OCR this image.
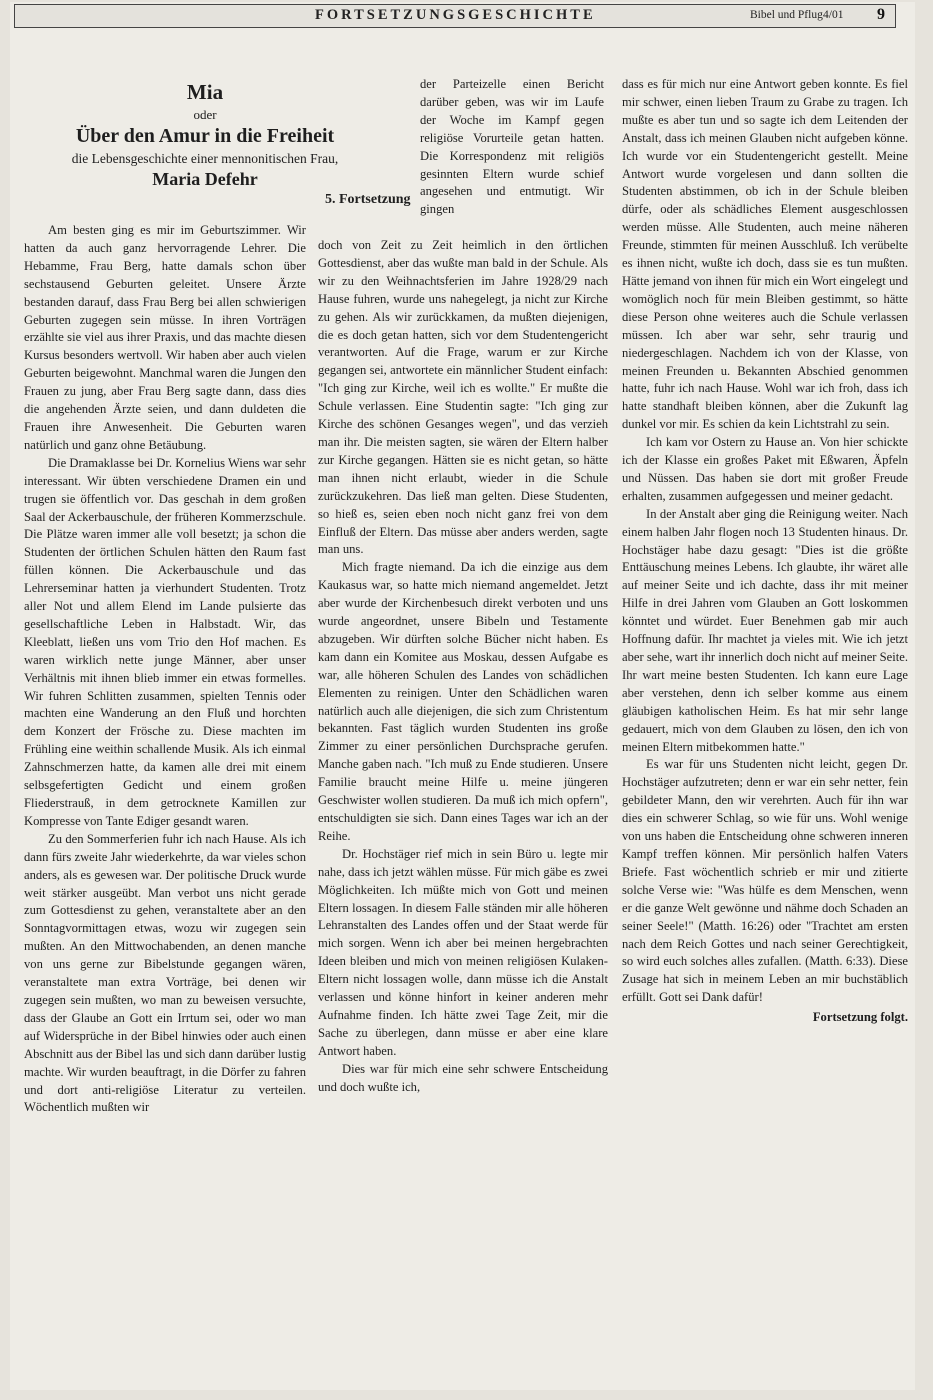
FORTSETZUNGSGESCHICHTE	Bibel und Pflug 4/01 9
Mia
oder
Über den Amur in die Freiheit
die Lebensgeschichte einer mennonitischen Frau,
Maria Defehr
5. Fortsetzung

Am besten ging es mir im Geburtszimmer. Wir hatten da auch ganz hervorragende Lehrer. Die Hebamme, Frau Berg, hatte damals schon über sechstausend Geburten geleitet. Unsere Ärzte bestanden darauf, dass Frau Berg bei allen schwierigen Geburten zugegen sein müsse. In ihren Vorträgen erzählte sie viel aus ihrer Praxis, und das machte diesen Kursus besonders wertvoll. Wir haben aber auch vielen Geburten beigewohnt. Manchmal waren die Jungen den Frauen zu jung, aber Frau Berg sagte dann, dass dies die angehenden Ärzte seien, und dann duldeten die Frauen ihre Anwesenheit. Die Geburten waren natürlich und ganz ohne Betäubung.

Die Dramaklasse bei Dr. Kornelius Wiens war sehr interessant. Wir übten verschiedene Dramen ein und trugen sie öffentlich vor. Das geschah in dem großen Saal der Ackerbauschule, der früheren Kommerzschule. Die Plätze waren immer alle voll besetzt; ja schon die Studenten der örtlichen Schulen hätten den Raum fast füllen können. Die Ackerbauschule und das Lehrerseminar hatten ja vierhundert Studenten. Trotz aller Not und allem Elend im Lande pulsierte das gesellschaftliche Leben in Halbstadt. Wir, das Kleeblatt, ließen uns vom Trio den Hof machen. Es waren wirklich nette junge Männer, aber unser Verhältnis mit ihnen blieb immer ein etwas formelles. Wir fuhren Schlitten zusammen, spielten Tennis oder machten eine Wanderung an den Fluß und horchten dem Konzert der Frösche zu. Diese machten im Frühling eine weithin schallende Musik. Als ich einmal Zahnschmerzen hatte, da kamen alle drei mit einem selbsgefertigten Gedicht und einem großen Fliederstrauß, in dem getrocknete Kamillen zur Kompresse von Tante Ediger gesandt waren.

Zu den Sommerferien fuhr ich nach Hause. Als ich dann fürs zweite Jahr wiederkehrte, da war vieles schon anders, als es gewesen war. Der politische Druck wurde weit stärker ausgeübt. Man verbot uns nicht gerade zum Gottesdienst zu gehen, veranstaltete aber an den Sonntagvormittagen etwas, wozu wir zugegen sein mußten. An den Mittwochabenden, an denen manche von uns gerne zur Bibelstunde gegangen wären, veranstaltete man extra Vorträge, bei denen wir zugegen sein mußten, wo man zu beweisen versuchte, dass der Glaube an Gott ein Irrtum sei, oder wo man auf Widersprüche in der Bibel hinwies oder auch einen Abschnitt aus der Bibel las und sich dann darüber lustig machte. Wir wurden beauftragt, in die Dörfer zu fahren und dort anti-religiöse Literatur zu verteilen. Wöchentlich mußten wir

der Parteizelle einen Bericht darüber geben, was wir im Laufe der Woche im Kampf gegen religiöse Vorurteile getan hatten. Die Korrespondenz mit religiös gesinnten Eltern wurde schief angesehen und entmutigt. Wir gingen

doch von Zeit zu Zeit heimlich in den örtlichen Gottesdienst, aber das wußte man bald in der Schule. Als wir zu den Weihnachtsferien im Jahre 1928/29 nach Hause fuhren, wurde uns nahegelegt, ja nicht zur Kirche zu gehen. Als wir zurückkamen, da mußten diejenigen, die es doch getan hatten, sich vor dem Studentengericht verantworten. Auf die Frage, warum er zur Kirche gegangen sei, antwortete ein männlicher Student einfach: "Ich ging zur Kirche, weil ich es wollte." Er mußte die Schule verlassen. Eine Studentin sagte: "Ich ging zur Kirche des schönen Gesanges wegen", und das verzieh man ihr. Die meisten sagten, sie wären der Eltern halber zur Kirche gegangen. Hätten sie es nicht getan, so hätte man ihnen nicht erlaubt, wieder in die Schule zurückzukehren. Das ließ man gelten. Diese Studenten, so hieß es, seien eben noch nicht ganz frei von dem Einfluß der Eltern. Das müsse aber anders werden, sagte man uns.

Mich fragte niemand. Da ich die einzige aus dem Kaukasus war, so hatte mich niemand angemeldet. Jetzt aber wurde der Kirchenbesuch direkt verboten und uns wurde angeordnet, unsere Bibeln und Testamente abzugeben. Wir dürften solche Bücher nicht haben. Es kam dann ein Komitee aus Moskau, dessen Aufgabe es war, alle höheren Schulen des Landes von schädlichen Elementen zu reinigen. Unter den Schädlichen waren natürlich auch alle diejenigen, die sich zum Christentum bekannten. Fast täglich wurden Studenten ins große Zimmer zu einer persönlichen Durchsprache gerufen. Manche gaben nach. "Ich muß zu Ende studieren. Unsere Familie braucht meine Hilfe u. meine jüngeren Geschwister wollen studieren. Da muß ich mich opfern", entschuldigten sie sich. Dann eines Tages war ich an der Reihe.

Dr. Hochstäger rief mich in sein Büro u. legte mir nahe, dass ich jetzt wählen müsse. Für mich gäbe es zwei Möglichkeiten. Ich müßte mich von Gott und meinen Eltern lossagen. In diesem Falle ständen mir alle höheren Lehranstalten des Landes offen und der Staat werde für mich sorgen. Wenn ich aber bei meinen hergebrachten Ideen bleiben und mich von meinen religiösen Kulaken-Eltern nicht lossagen wolle, dann müsse ich die Anstalt verlassen und könne hinfort in keiner anderen mehr Aufnahme finden. Ich hätte zwei Tage Zeit, mir die Sache zu überlegen, dann müsse er aber eine klare Antwort haben.

Dies war für mich eine sehr schwere Entscheidung und doch wußte ich,

dass es für mich nur eine Antwort geben konnte. Es fiel mir schwer, einen lieben Traum zu Grabe zu tragen. Ich mußte es aber tun und so sagte ich dem Leitenden der Anstalt, dass ich meinen Glauben nicht aufgeben könne. Ich wurde vor ein Studentengericht gestellt. Meine Antwort wurde vorgelesen und dann sollten die Studenten abstimmen, ob ich in der Schule bleiben dürfe, oder als schädliches Element ausgeschlossen werden müsse. Alle Studenten, auch meine näheren Freunde, stimmten für meinen Ausschluß. Ich verübelte es ihnen nicht, wußte ich doch, dass sie es tun mußten. Hätte jemand von ihnen für mich ein Wort eingelegt und womöglich noch für mein Bleiben gestimmt, so hätte diese Person ohne weiteres auch die Schule verlassen müssen. Ich aber war sehr, sehr traurig und niedergeschlagen. Nachdem ich von der Klasse, von meinen Freunden u. Bekannten Abschied genommen hatte, fuhr ich nach Hause. Wohl war ich froh, dass ich hatte standhaft bleiben können, aber die Zukunft lag dunkel vor mir. Es schien da kein Lichtstrahl zu sein.

Ich kam vor Ostern zu Hause an. Von hier schickte ich der Klasse ein großes Paket mit Eßwaren, Äpfeln und Nüssen. Das haben sie dort mit großer Freude erhalten, zusammen aufgegessen und meiner gedacht.

In der Anstalt aber ging die Reinigung weiter. Nach einem halben Jahr flogen noch 13 Studenten hinaus. Dr. Hochstäger habe dazu gesagt: "Dies ist die größte Enttäuschung meines Lebens. Ich glaubte, ihr wäret alle auf meiner Seite und ich dachte, dass ihr mit meiner Hilfe in drei Jahren vom Glauben an Gott loskommen könntet und würdet. Euer Benehmen gab mir auch Hoffnung dafür. Ihr machtet ja vieles mit. Wie ich jetzt aber sehe, wart ihr innerlich doch nicht auf meiner Seite. Ihr wart meine besten Studenten. Ich kann eure Lage aber verstehen, denn ich selber komme aus einem gläubigen katholischen Heim. Es hat mir sehr lange gedauert, mich von dem Glauben zu lösen, den ich von meinen Eltern mitbekommen hatte."

Es war für uns Studenten nicht leicht, gegen Dr. Hochstäger aufzutreten; denn er war ein sehr netter, fein gebildeter Mann, den wir verehrten. Auch für ihn war dies ein schwerer Schlag, so wie für uns. Wohl wenige von uns haben die Entscheidung ohne schweren inneren Kampf treffen können. Mir persönlich halfen Vaters Briefe. Fast wöchentlich schrieb er mir und zitierte solche Verse wie: "Was hülfe es dem Menschen, wenn er die ganze Welt gewönne und nähme doch Schaden an seiner Seele!" (Matth. 16:26) oder "Trachtet am ersten nach dem Reich Gottes und nach seiner Gerechtigkeit, so wird euch solches alles zufallen. (Matth. 6:33). Diese Zusage hat sich in meinem Leben an mir buchstäblich erfüllt. Gott sei Dank dafür!

Fortsetzung folgt.
